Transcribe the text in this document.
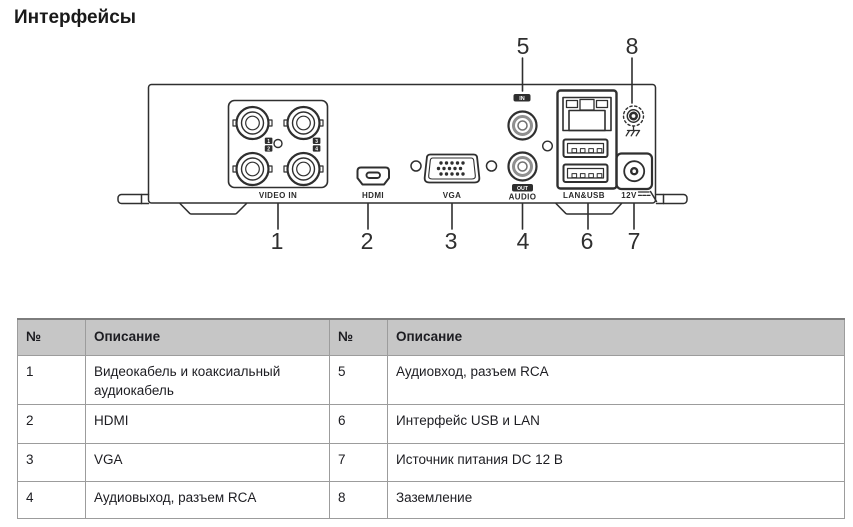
Интерфейсы
1
2
3
4
VIDEO IN	HDMI	VGA
IN
OUT
AUDIO	LAN&USB 12V
1	2	3	4 6 7
5	8
№	Описание	№	Описание
1	Видеокабель и коаксиальный аудиокабель	5	Аудиовход, разъем RCA
2	HDMI	6	Интерфейс USB и LAN
3	VGA	7	Источник питания DC 12 В
4	Аудиовыход, разъем RCA	8	Заземление
